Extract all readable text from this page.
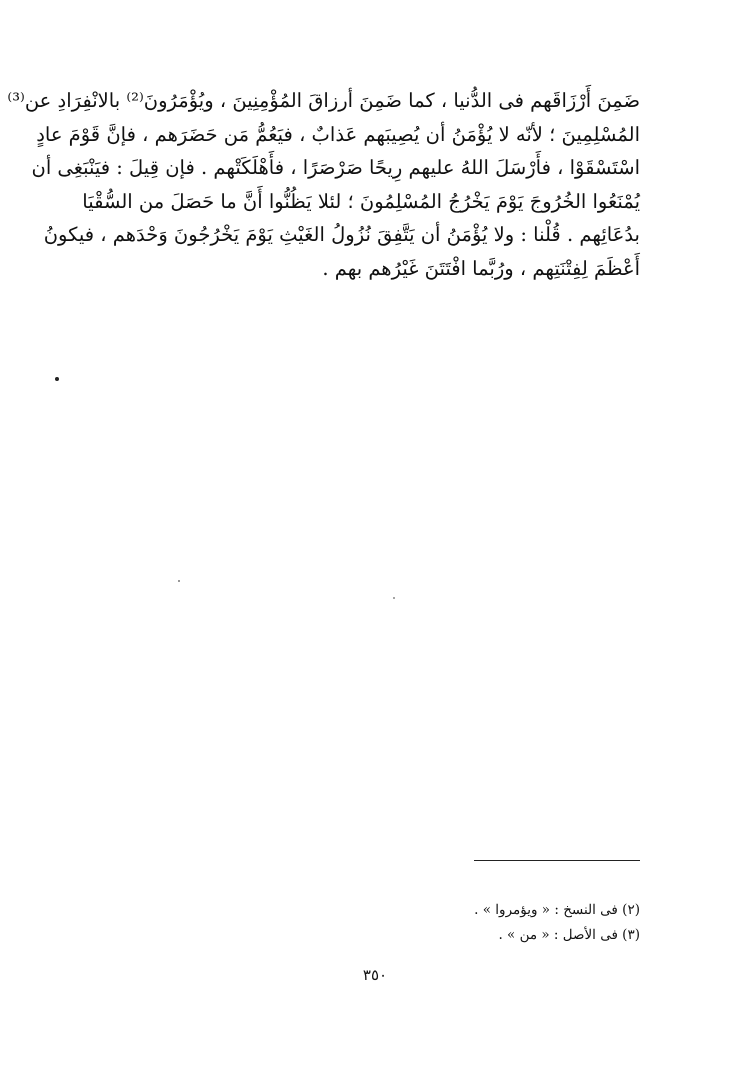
ضَمِنَ أَرْزَاقَهم فى الدُّنيا ، كما ضَمِنَ أرزاقَ المُؤْمِنِينَ ، ويُؤْمَرُونَ⁽²⁾ بالانْفِرَادِ عن⁽³⁾
المُسْلِمِينَ ؛ لأنّه لا يُؤْمَنُ أن يُصِيبَهم عَذابٌ ، فيَعُمُّ مَن حَضَرَهم ، فإنَّ قَوْمَ عادٍ
اسْتَسْقَوْا ، فأَرْسَلَ اللهُ عليهم رِيحًا صَرْصَرًا ، فأَهْلَكَتْهم . فإن قِيلَ : فيَنْبَغِى أن
يُمْنَعُوا الخُرُوجَ يَوْمَ يَخْرُجُ المُسْلِمُونَ ؛ لئلا يَظُنُّوا أَنَّ ما حَصَلَ من السُّقْيَا
بدُعَائِهم . قُلْنا : ولا يُؤْمَنُ أن يَتَّفِقَ نُزُولُ الغَيْثِ يَوْمَ يَخْرُجُونَ وَحْدَهم ، فيكونُ
أَعْظَمَ لِفِتْنَتِهم ، ورُبَّما افْتَتَنَ غَيْرُهم بهم .
(٢) فى النسخ : « ويؤمروا » .
(٣) فى الأصل : « من » .
٣٥٠
